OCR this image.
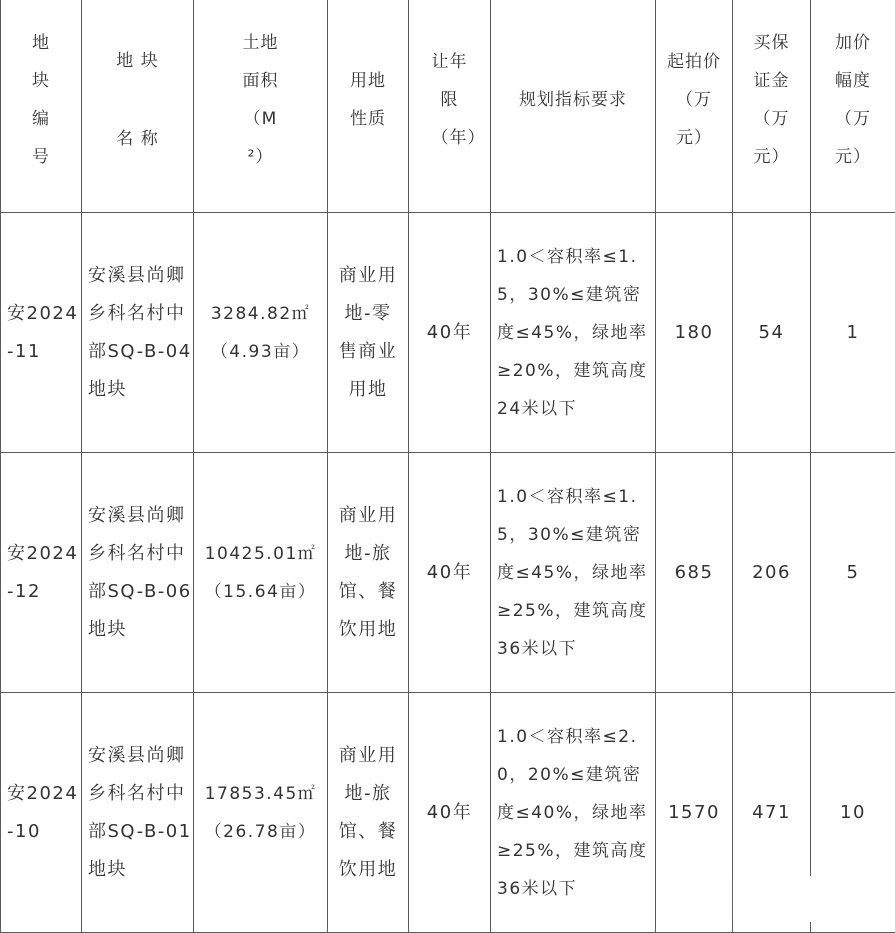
地块编号	地 块 名 称	土地面积（M²）	用地性质	让年限（年）	规划指标要求	起拍价（万元）	买保证金（万元）	加价幅度（万元）

安2024-11	安溪县尚卿乡科名村中部SQ-B-04地块	3284.82㎡（4.93亩）	商业用地-零售商业用地	40年	1.0＜容积率≤1.5，30%≤建筑密度≤45%，绿地率≥20%，建筑高度24米以下	180	54	1

安2024-12	安溪县尚卿乡科名村中部SQ-B-06地块	10425.01㎡（15.64亩）	商业用地-旅馆、餐饮用地	40年	1.0＜容积率≤1.5，30%≤建筑密度≤45%，绿地率≥25%，建筑高度36米以下	685	206	5

安2024-10	安溪县尚卿乡科名村中部SQ-B-01地块	17853.45㎡（26.78亩）	商业用地-旅馆、餐饮用地	40年	1.0＜容积率≤2.0，20%≤建筑密度≤40%，绿地率≥25%，建筑高度36米以下	1570	471	10
